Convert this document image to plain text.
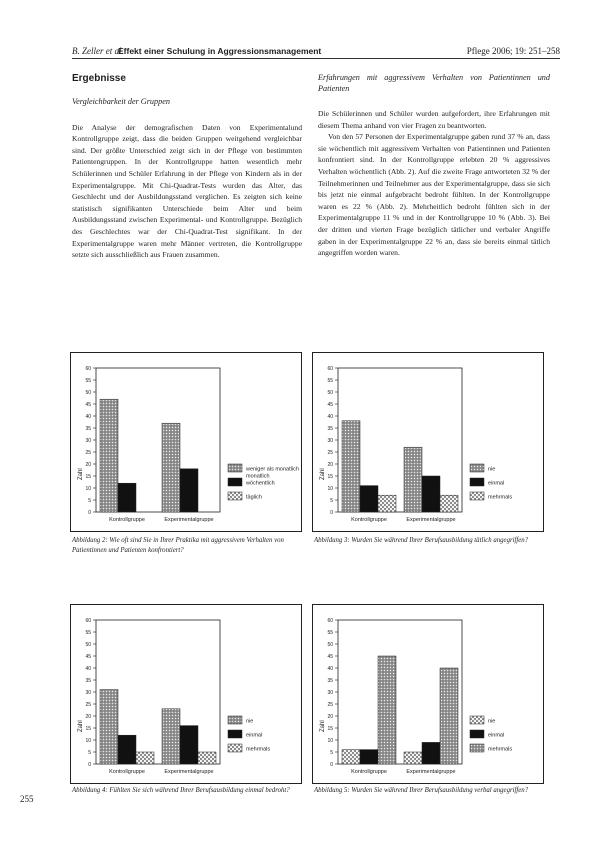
B. Zeller et al.
Effekt einer Schulung in Aggressionsmanagement	Pflege 2006; 19: 251–258

Ergebnisse

Vergleichbarkeit der Gruppen

Die Analyse der demografischen Daten von Experimentalund Kontrollgruppe zeigt, dass die beiden Gruppen weitgehend vergleichbar sind. Der größte Unterschied zeigt sich in der Pflege von bestimmten Patientengruppen. In der Kontrollgruppe hatten wesentlich mehr Schülerinnen und Schüler Erfahrung in der Pflege von Kindern als in der Experimentalgruppe. Mit Chi-Quadrat-Tests wurden das Alter, das Geschlecht und der Ausbildungsstand verglichen. Es zeigten sich keine statistisch signifikanten Unterschiede beim Alter und beim Ausbildungsstand zwischen Experimental- und Kontrollgruppe. Bezüglich des Geschlechtes war der Chi-Quadrat-Test signifikant. In der Experimentalgruppe waren mehr Männer vertreten, die Kontrollgruppe setzte sich ausschließlich aus Frauen zusammen.

Erfahrungen mit aggressivem Verhalten von Patientinnen und Patienten

Die Schülerinnen und Schüler wurden aufgefordert, ihre Erfahrungen mit diesem Thema anhand von vier Fragen zu beantworten.

Von den 57 Personen der Experimentalgruppe gaben rund 37 % an, dass sie wöchentlich mit aggressivem Verhalten von Patientinnen und Patienten konfrontiert sind. In der Kontrollgruppe erlebten 20 % aggressives Verhalten wöchentlich (Abb. 2). Auf die zweite Frage antworteten 32 % der Teilnehmerinnen und Teilnehmer aus der Experimentalgruppe, dass sie sich bis jetzt nie einmal aufgebracht bedroht fühlten. In der Kontrollgruppe waren es 22 % (Abb. 2). Mehrheitlich bedroht fühlten sich in der Experimentalgruppe 11 % und in der Kontrollgruppe 10 % (Abb. 3). Bei der dritten und vierten Frage bezüglich tätlicher und verbaler Angriffe gaben in der Experimentalgruppe 22 % an, dass sie bereits einmal tätlich angegriffen worden waren.

0
5
10
15
20
25
30
35
40
45
50
55
60
Zahl
Kontrollgruppe	Experimentalgruppe
weniger als monatlich
wöchentlich
täglich
monatlich
0
5
10
15
20
25
30
35
40
45
50
55
60
Zahl
Kontrollgruppe	Experimentalgruppe
nie
einmal
mehrmals
0
5
10
15
20
25
30
35
40
45
50
55
60
Zahl
Kontrollgruppe	Experimentalgruppe
nie
einmal
mehrmals
0
5
10
15
20
25
30
35
40
45
50
55
60
Zahl
Kontrollgruppe	Experimentalgruppe
nie
einmal
mehrmals
Abbildung 2: Wie oft sind Sie in Ihrer Praktika mit aggressivem Verhalten von Patientinnen und Patienten konfrontiert?
Abbildung 3: Wurden Sie während Ihrer Berufsausbildung tätlich angegriffen?
Abbildung 4: Fühlten Sie sich während Ihrer Berufsausbildung einmal bedroht?	Abbildung 5: Wurden Sie während Ihrer Berufsausbildung verbal angegriffen?
255
